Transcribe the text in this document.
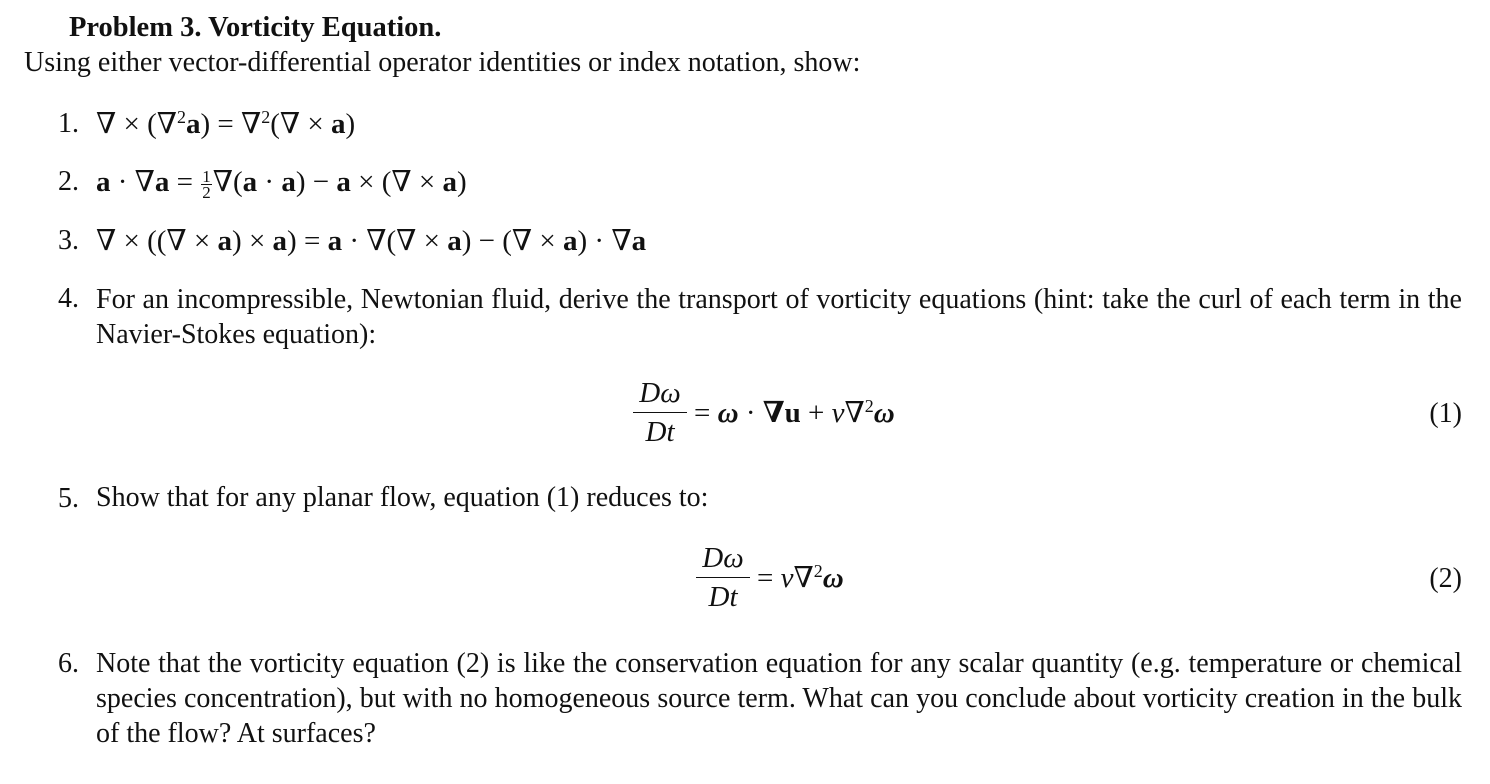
Problem 3. Vorticity Equation.
Using either vector-differential operator identities or index notation, show:
1. ∇ × (∇$^2$a) = ∇$^2$(∇ × a)
2. $a \cdot \nabla a = \frac{1}{2} \nabla(a \cdot a) - a$ × (∇ × a)
3. ∇ × ((∇ × a) × a) = a · ∇(∇ × a) − (∇ × a) · ∇a
4. For an incompressible, Newtonian fluid, derive the transport of vorticity equations (hint: take the curl of each term in the Navier-Stokes equation):
Dω
Dt
= ω · ∇u + ν∇$^2$ω	(1)
5. Show that for any planar flow, equation (1) reduces to:
Dω
Dt
= ν∇$^2$ω	(2)
6. Note that the vorticity equation (2) is like the conservation equation for any scalar quantity (e.g. temperature or chemical species concentration), but with no homogeneous source term. What can you conclude about vorticity creation in the bulk of the flow? At surfaces?
